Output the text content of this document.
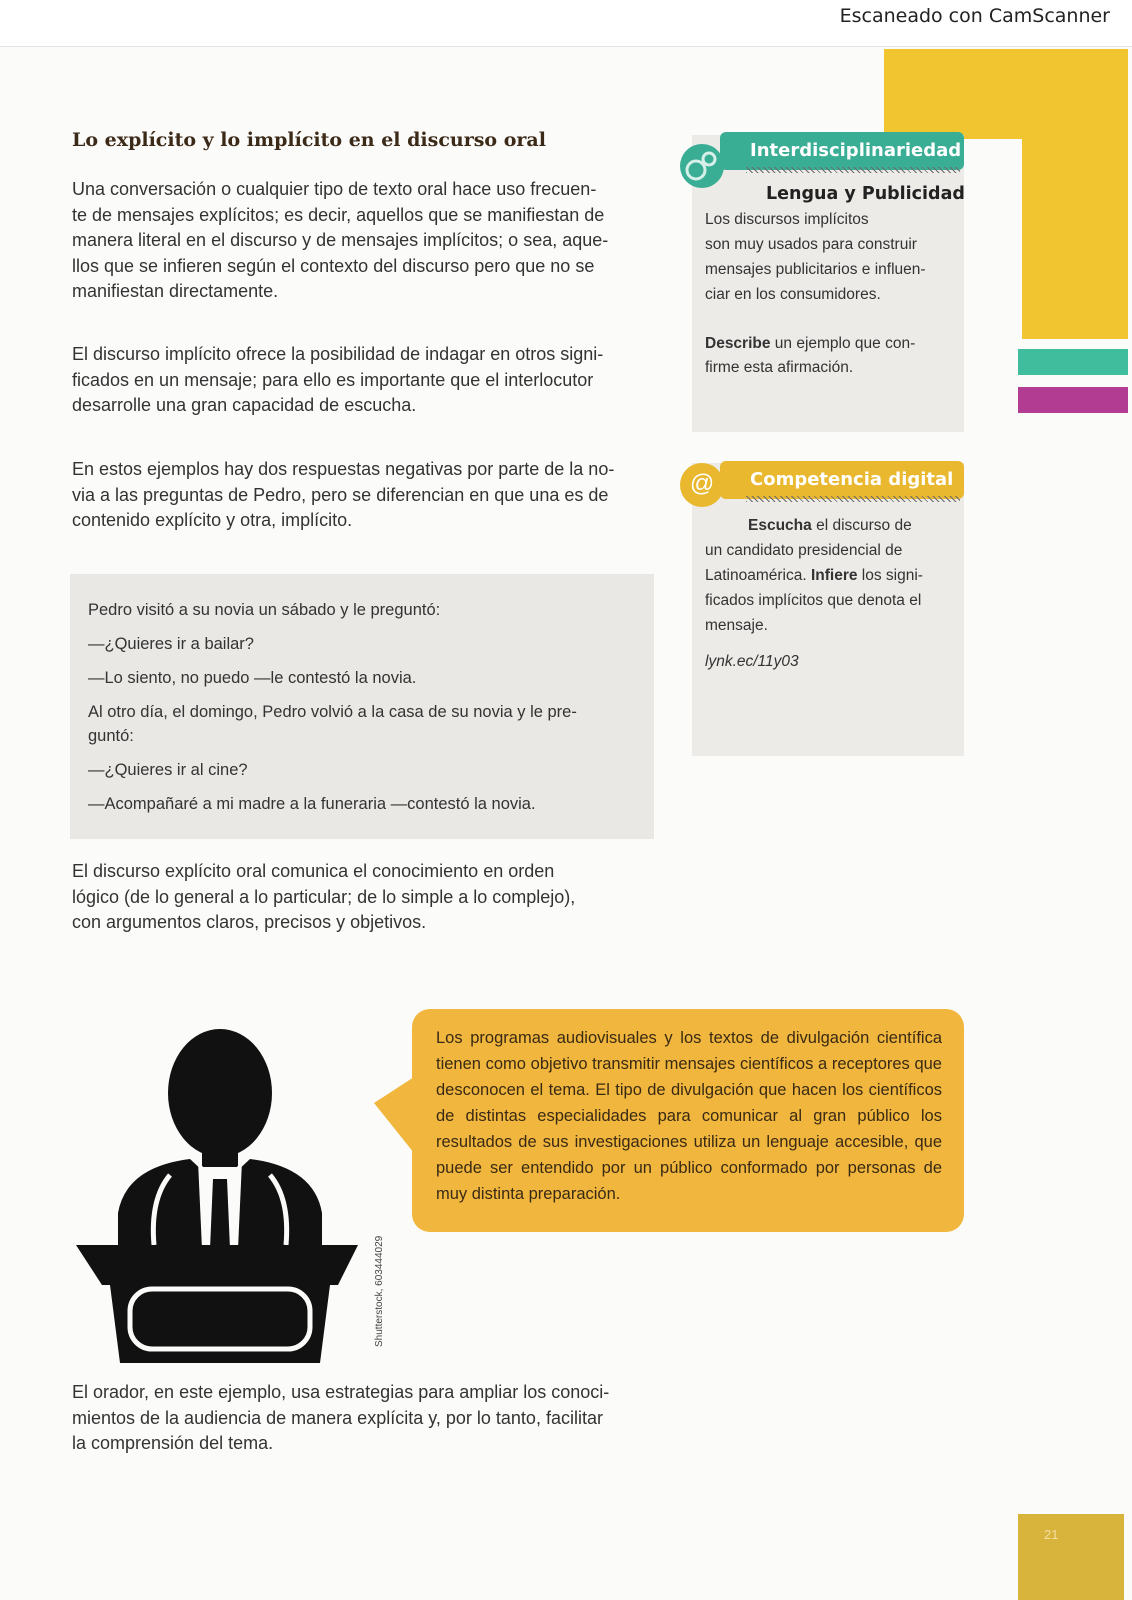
Escaneado con CamScanner
21
Lo explícito y lo implícito en el discurso oral
Una conversación o cualquier tipo de texto oral hace uso frecuen-
te de mensajes explícitos; es decir, aquellos que se manifiestan de
manera literal en el discurso y de mensajes implícitos; o sea, aque-
llos que se infieren según el contexto del discurso pero que no se
manifiestan directamente.
El discurso implícito ofrece la posibilidad de indagar en otros signi-
ficados en un mensaje; para ello es importante que el interlocutor
desarrolle una gran capacidad de escucha.
En estos ejemplos hay dos respuestas negativas por parte de la no-
via a las preguntas de Pedro, pero se diferencian en que una es de
contenido explícito y otra, implícito.
Pedro visitó a su novia un sábado y le preguntó:
—¿Quieres ir a bailar?
—Lo siento, no puedo —le contestó la novia.
Al otro día, el domingo, Pedro volvió a la casa de su novia y le pre-
guntó:
—¿Quieres ir al cine?
—Acompañaré a mi madre a la funeraria —contestó la novia.
El discurso explícito oral comunica el conocimiento en orden
lógico (de lo general a lo particular; de lo simple a lo complejo),
con argumentos claros, precisos y objetivos.
Interdisciplinariedad
Lengua y Publicidad
Los discursos implícitos
son muy usados para construir
mensajes publicitarios e influen-
ciar en los consumidores.
Describe un ejemplo que con-
firme esta afirmación.
Competencia digital
@
Escucha el discurso de
un candidato presidencial de
Latinoamérica. Infiere los signi-
ficados implícitos que denota el
mensaje.
lynk.ec/11y03
Shutterstock, 603444029
Los programas audiovisuales y los textos de divulgación científica tienen como objetivo transmitir mensajes científicos a receptores que desconocen el tema. El tipo de divulgación que hacen los científicos de distintas especialidades para comunicar al gran público los resultados de sus investigaciones utiliza un lenguaje accesible, que puede ser entendido por un público conformado por personas de muy distinta preparación.
El orador, en este ejemplo, usa estrategias para ampliar los conoci-
mientos de la audiencia de manera explícita y, por lo tanto, facilitar
la comprensión del tema.
